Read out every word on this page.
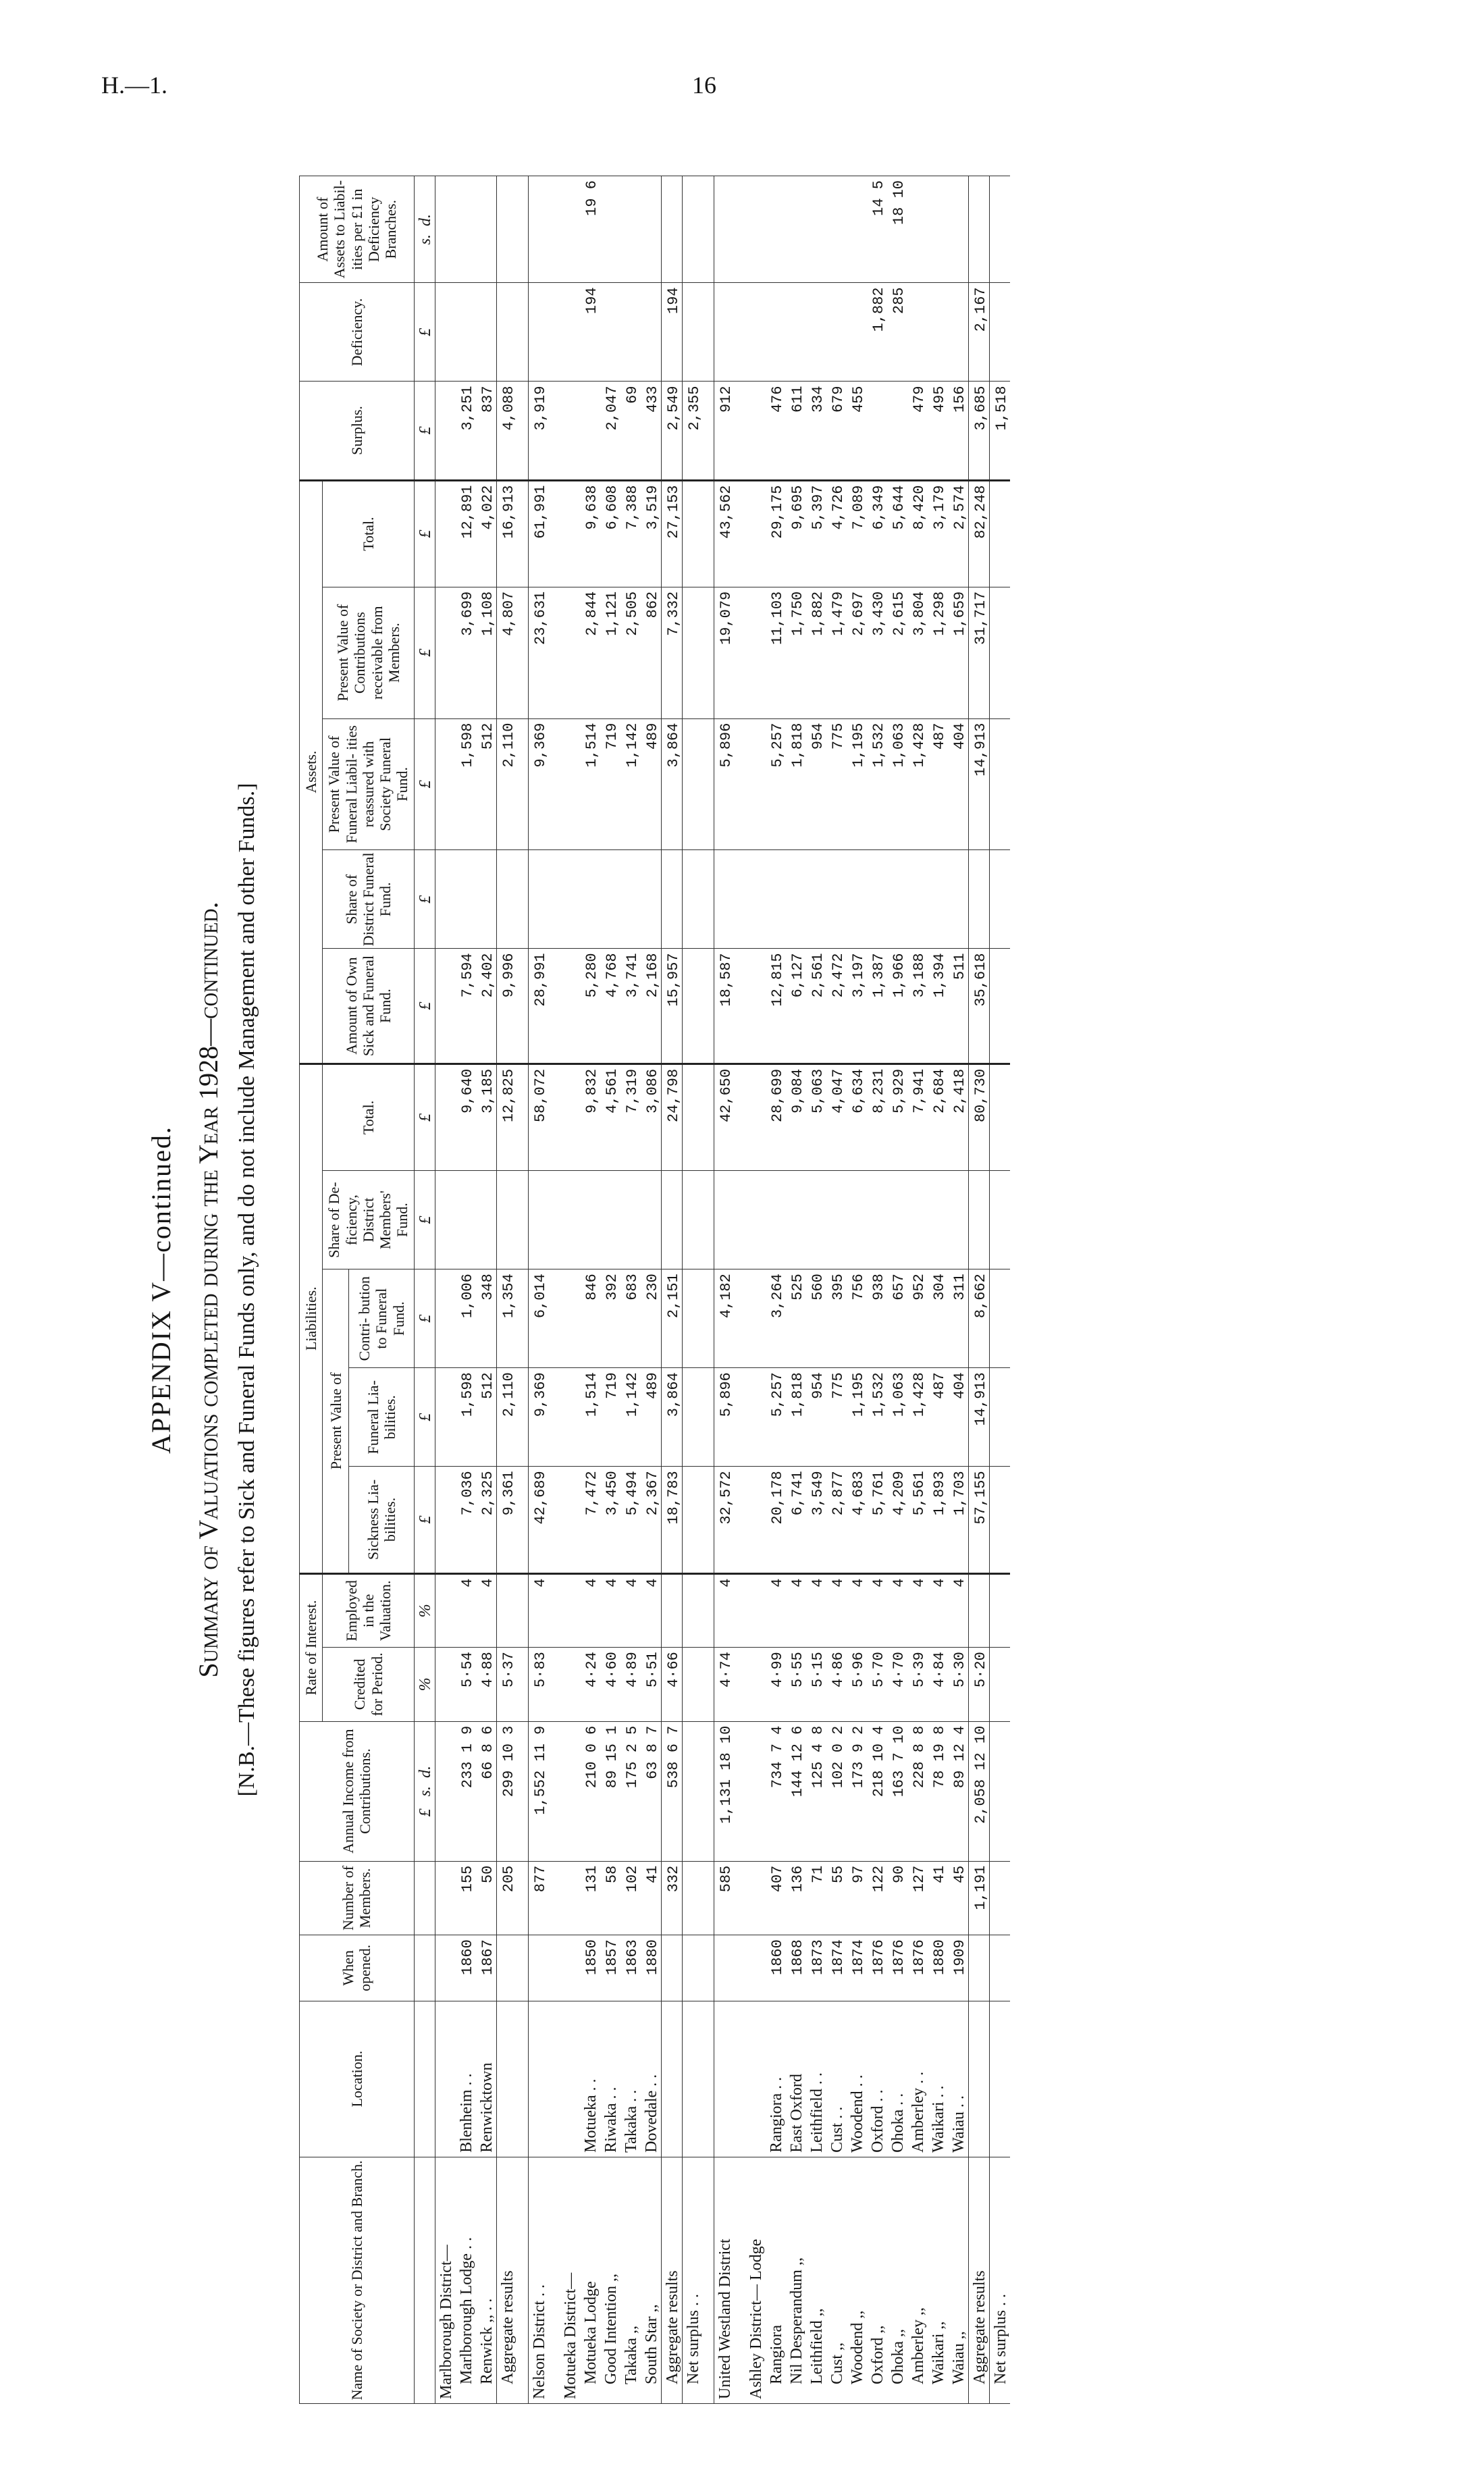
H.—1.	16
APPENDIX V—continued. Summary of Valuations completed during the Year 1928—continued. [N.B.—These figures refer to Sick and Funeral Funds only, and do not include Management and other Funds.]
Name of Society or District and Branch.	Location.	When opened.	Number of Members.	Annual Income from Contributions.	Rate of Interest.		Liabilities.					Assets.					Surplus.	Deficiency.	Amount of Assets to Liabil- ities per £1 in Deficiency Branches.
					Credited for Period.	Employed in the Valuation.	Present Value of			Share of De- ficiency, District Members' Fund.	Total.	Amount of Own Sick and Funeral Fund.	Share of District Funeral Fund.	Present Value of Funeral Liabil- ities reassured with Society Funeral Fund.	Present Value of Contributions receivable from Members.	Total.			
							Sickness Lia- bilities.	Funeral Lia- bilities.	Contri- bution to Funeral Fund.										
				£   s.  d.	%	%	£	£	£	£	£	£	£	£	£	£	£	£	s.  d.
Marlborough District—																			
Marlborough Lodge . .	Blenheim . .	1860	155	233 1 9	5·54	4	7,036	1,598	1,006		9,640	7,594		1,598	3,699	12,891	3,251		
Renwick ,, . .	Renwicktown	1867	50	66 8 6	4·88	4	2,325	512	348		3,185	2,402		512	1,108	4,022	837		
Aggregate results			205	299 10 3	5·37		9,361	2,110	1,354		12,825	9,996		2,110	4,807	16,913	4,088		

Nelson District . .			877	1,552 11 9	5·83	4	42,689	9,369	6,014		58,072	28,991		9,369	23,631	61,991	3,919		

Motueka District—																			
Motueka Lodge	Motueka . .	1850	131	210 0 6	4·24	4	7,472	1,514	846		9,832	5,280		1,514	2,844	9,638		194	19 6
Good Intention ,,	Riwaka . .	1857	58	89 15 1	4·60	4	3,450	719	392		4,561	4,768		719	1,121	6,608	2,047		
Takaka ,,	Takaka . .	1863	102	175 2 5	4·89	4	5,494	1,142	683		7,319	3,741		1,142	2,505	7,388	69		
South Star ,,	Dovedale . .	1880	41	63 8 7	5·51	4	2,367	489	230		3,086	2,168		489	862	3,519	433		
Aggregate results			332	538 6 7	4·66		18,783	3,864	2,151		24,798	15,957		3,864	7,332	27,153	2,549	194	
Net surplus . .																	2,355		

United Westland District			585	1,131 18 10	4·74	4	32,572	5,896	4,182		42,650	18,587		5,896	19,079	43,562	912		

Ashley District— Lodge																			
Rangiora	Rangiora . .	1860	407	734 7 4	4·99	4	20,178	5,257	3,264		28,699	12,815		5,257	11,103	29,175	476		
Nil Desperandum ,,	East Oxford	1868	136	144 12 6	5·55	4	6,741	1,818	525		9,084	6,127		1,818	1,750	9,695	611		
Leithfield ,,	Leithfield . .	1873	71	125 4 8	5·15	4	3,549	954	560		5,063	2,561		954	1,882	5,397	334		
Cust ,,	Cust . .	1874	55	102 0 2	4·86	4	2,877	775	395		4,047	2,472		775	1,479	4,726	679		
Woodend ,,	Woodend . .	1874	97	173 9 2	5·96	4	4,683	1,195	756		6,634	3,197		1,195	2,697	7,089	455		
Oxford ,,	Oxford . .	1876	122	218 10 4	5·70	4	5,761	1,532	938		8,231	1,387		1,532	3,430	6,349		1,882	14 5
Ohoka ,,	Ohoka . .	1876	90	163 7 10	4·70	4	4,209	1,063	657		5,929	1,966		1,063	2,615	5,644		285	18 10
Amberley ,,	Amberley . .	1876	127	228 8 8	5·39	4	5,561	1,428	952		7,941	3,188		1,428	3,804	8,420	479		
Waikari ,,	Waikari . .	1880	41	78 19 8	4·84	4	1,893	487	304		2,684	1,394		487	1,298	3,179	495		
Waiau ,,	Waiau . .	1909	45	89 12 4	5·30	4	1,703	404	311		2,418	511		404	1,659	2,574	156		
Aggregate results			1,191	2,058 12 10	5·20		57,155	14,913	8,662		80,730	35,618		14,913	31,717	82,248	3,685	2,167	
Net surplus . .																	1,518		
